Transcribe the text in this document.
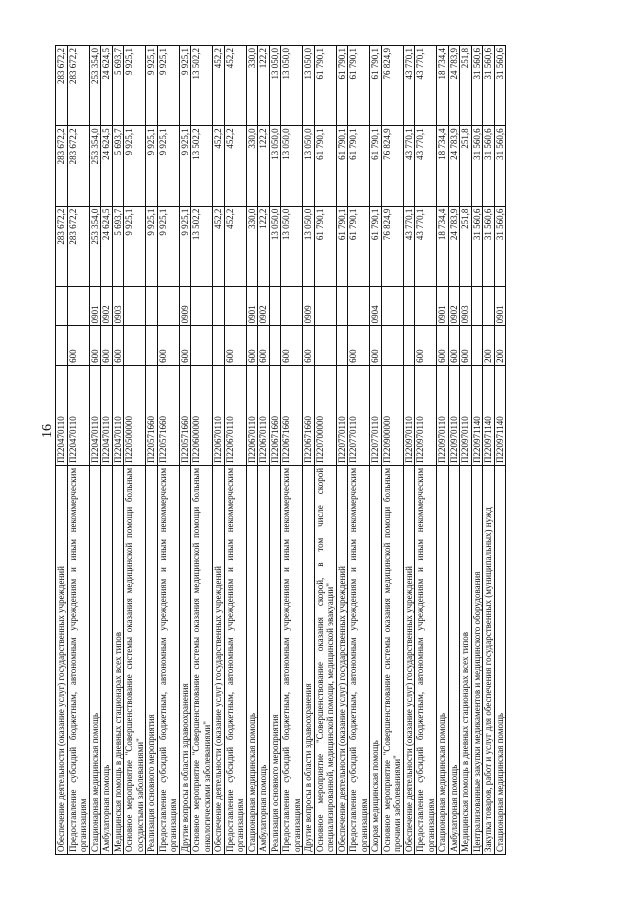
16
Обеспечение деятельности (оказание услуг) государственных учреждений	П220470110			283 672,2	283 672,2	283 672,2
Предоставление субсидий бюджетным, автономным учреждениям и иным некоммерческим организациям	П220470110	600		283 672,2	283 672,2	283 672,2
Стационарная медицинская помощь	П220470110	600	0901	253 354,0	253 354,0	253 354,0
Амбулаторная помощь	П220470110	600	0902	24 624,5	24 624,5	24 624,5
Медицинская помощь в дневных стационарах всех типов	П220470110	600	0903	5 693,7	5 693,7	5 693,7
Основное мероприятие "Совершенствование системы оказания медицинской помощи больным сосудистыми заболеваниями"	П220500000			9 925,1	9 925,1	9 925,1
Реализация основного мероприятия	П220571660			9 925,1	9 925,1	9 925,1
Предоставление субсидий бюджетным, автономным учреждениям и иным некоммерческим организациям	П220571660	600		9 925,1	9 925,1	9 925,1
Другие вопросы в области здравоохранения	П220571660	600	0909	9 925,1	9 925,1	9 925,1
Основное мероприятие "Совершенствование системы оказания медицинской помощи больным онкологическими заболеваниями"	П220600000			13 502,2	13 502,2	13 502,2
Обеспечение деятельности (оказание услуг) государственных учреждений	П220670110			452,2	452,2	452,2
Предоставление субсидий бюджетным, автономным учреждениям и иным некоммерческим организациям	П220670110	600		452,2	452,2	452,2
Стационарная медицинская помощь	П220670110	600	0901	330,0	330,0	330,0
Амбулаторная помощь	П220670110	600	0902	122,2	122,2	122,2
Реализация основного мероприятия	П220671660			13 050,0	13 050,0	13 050,0
Предоставление субсидий бюджетным, автономным учреждениям и иным некоммерческим организациям	П220671660	600		13 050,0	13 050,0	13 050,0
Другие вопросы в области здравоохранения	П220671660	600	0909	13 050,0	13 050,0	13 050,0
Основное мероприятие "Совершенствование оказания скорой, в том числе скорой специализированной, медицинской помощи, медицинской эвакуации"	П220700000			61 790,1	61 790,1	61 790,1
Обеспечение деятельности (оказание услуг) государственных учреждений	П220770110			61 790,1	61 790,1	61 790,1
Предоставление субсидий бюджетным, автономным учреждениям и иным некоммерческим организациям	П220770110	600		61 790,1	61 790,1	61 790,1
Скорая медицинская помощь	П220770110	600	0904	61 790,1	61 790,1	61 790,1
Основное мероприятие "Совершенствование системы оказания медицинской помощи больным прочими заболеваниями"	П220900000			76 824,9	76 824,9	76 824,9
Обеспечение деятельности (оказание услуг) государственных учреждений	П220970110			43 770,1	43 770,1	43 770,1
Предоставление субсидий бюджетным, автономным учреждениям и иным некоммерческим организациям	П220970110	600		43 770,1	43 770,1	43 770,1
Стационарная медицинская помощь	П220970110	600	0901	18 734,4	18 734,4	18 734,4
Амбулаторная помощь	П220970110	600	0902	24 783,9	24 783,9	24 783,9
Медицинская помощь в дневных стационарах всех типов	П220970110	600	0903	251,8	251,8	251,8
Централизованные закупки медикаментов и медицинского оборудования	П220971140			31 560,6	31 560,6	31 560,6
Закупка товаров, работ и услуг для обеспечения государственных (муниципальных) нужд	П220971140	200		31 560,6	31 560,6	31 560,6
Стационарная медицинская помощь	П220971140	200	0901	31 560,6	31 560,6	31 560,6
